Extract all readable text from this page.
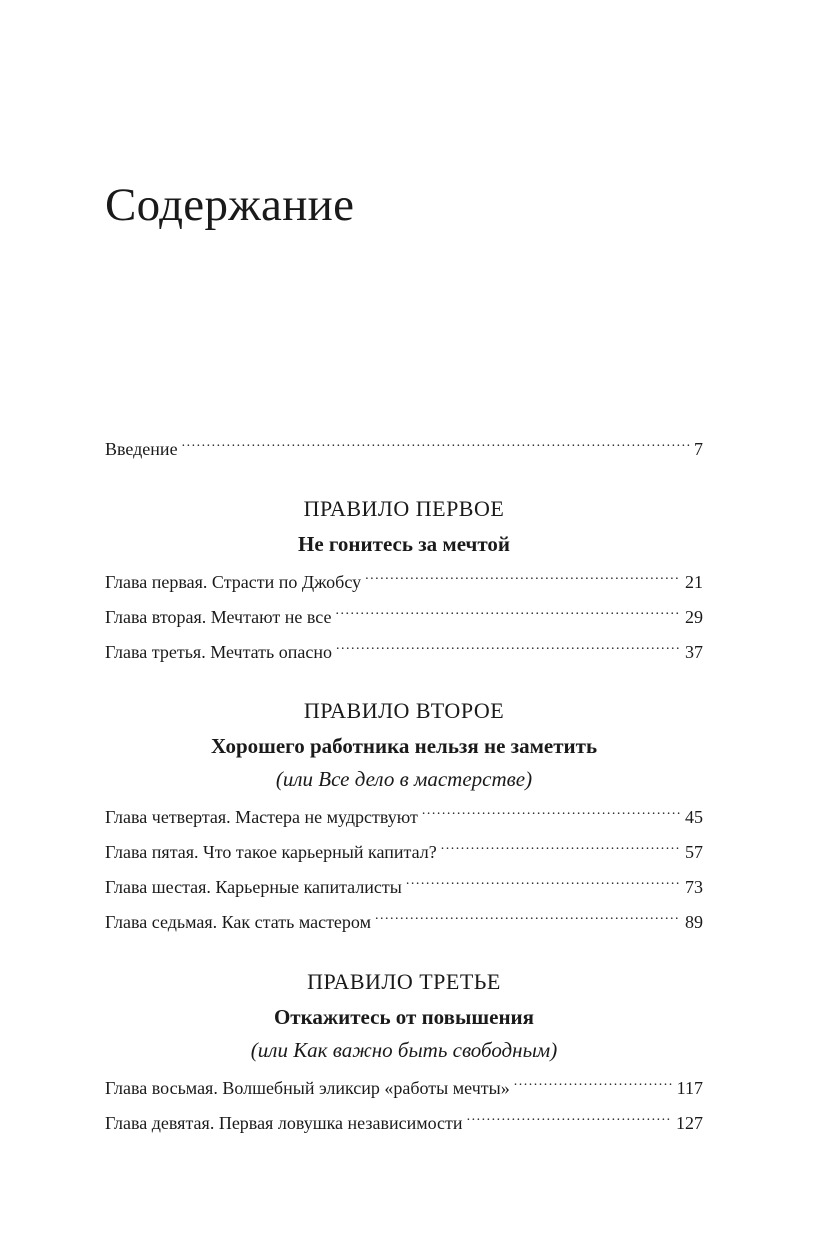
Содержание
Введение .....	7
ПРАВИЛО ПЕРВОЕ
Не гонитесь за мечтой
Глава первая. Страсти по Джобсу .....	21
Глава вторая. Мечтают не все .....	29
Глава третья. Мечтать опасно .....	37
ПРАВИЛО ВТОРОЕ
Хорошего работника нельзя не заметить
(или Все дело в мастерстве)
Глава четвертая. Мастера не мудрствуют .....	45
Глава пятая. Что такое карьерный капитал? .....	57
Глава шестая. Карьерные капиталисты .....	73
Глава седьмая. Как стать мастером .....	89
ПРАВИЛО ТРЕТЬЕ
Откажитесь от повышения
(или Как важно быть свободным)
Глава восьмая. Волшебный эликсир «работы мечты» .....	117
Глава девятая. Первая ловушка независимости .....	127
